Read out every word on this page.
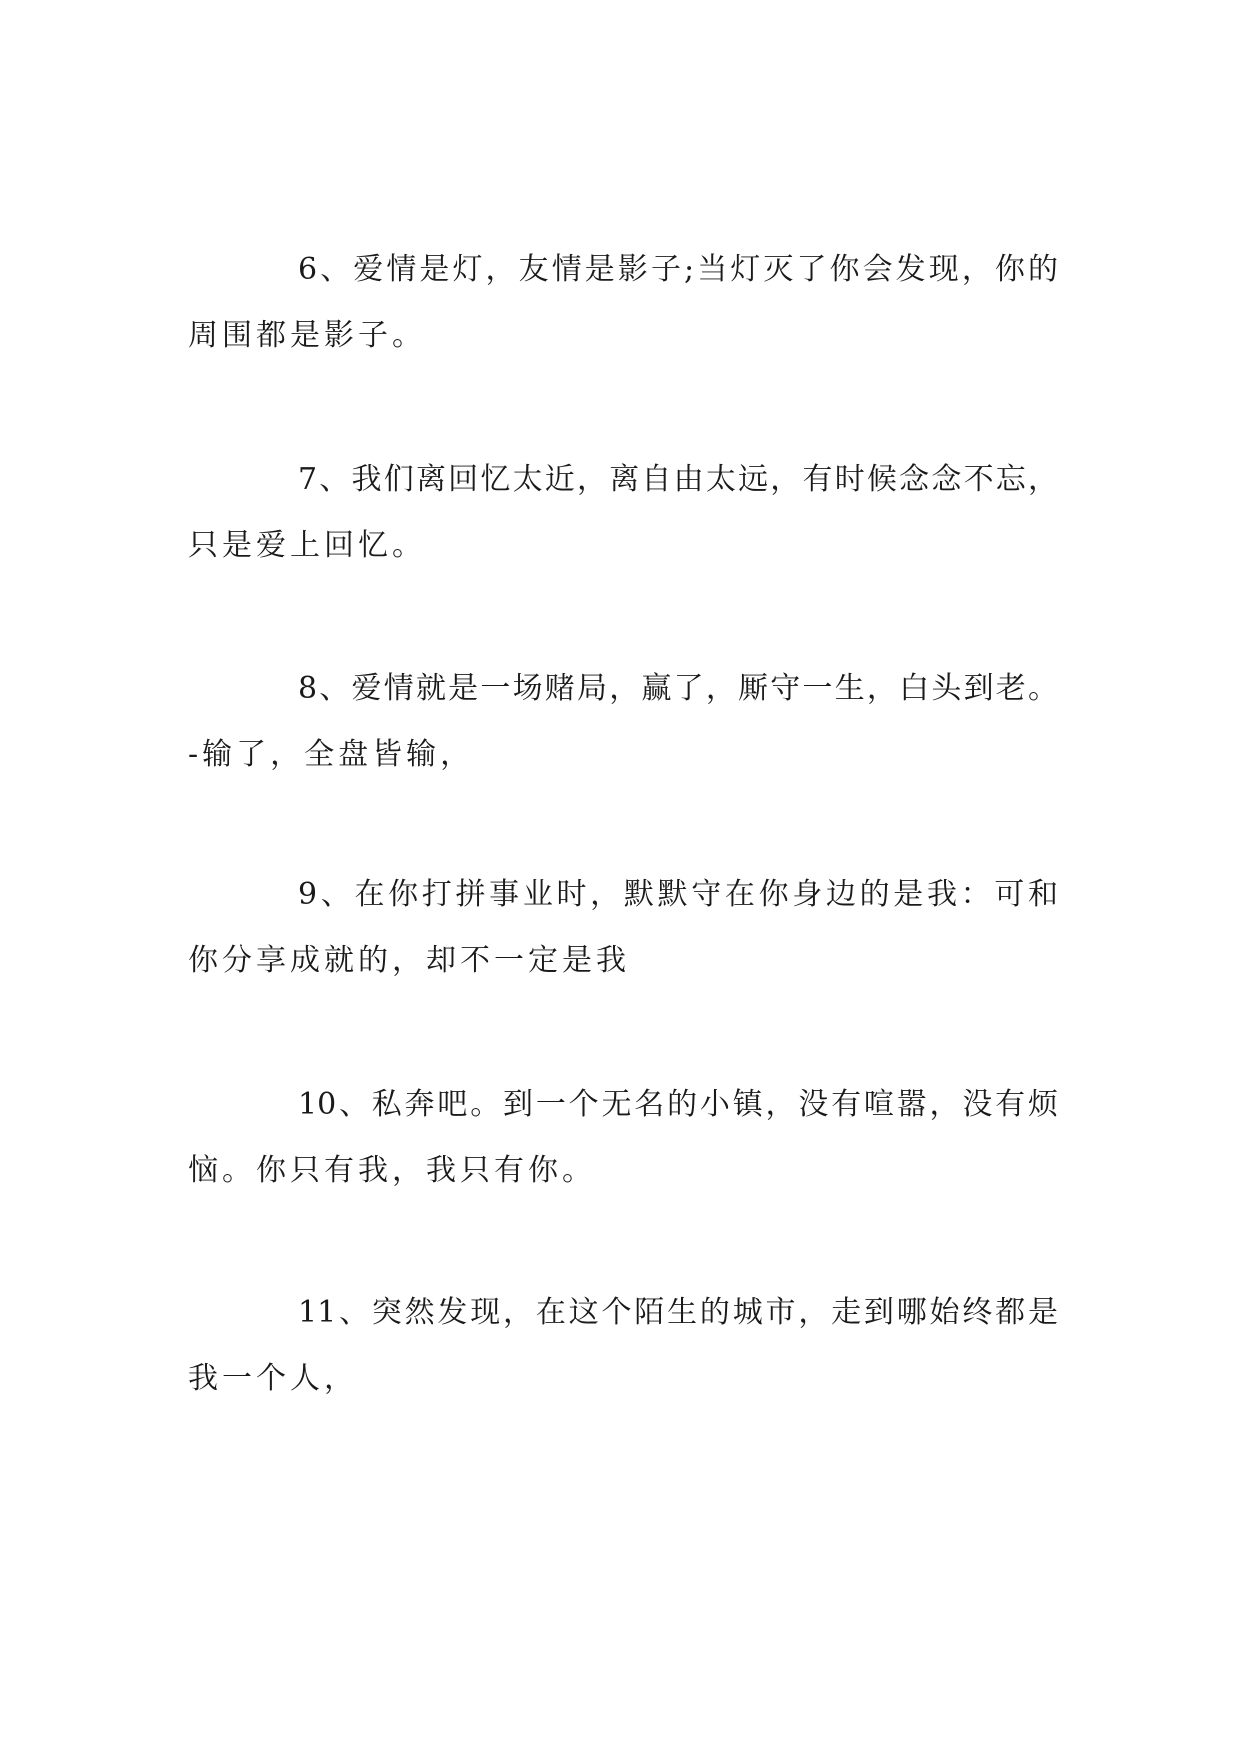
6、爱情是灯，友情是影子;当灯灭了你会发现，你的
周围都是影子。
7、我们离回忆太近，离自由太远，有时候念念不忘，
只是爱上回忆。
8、爱情就是一场赌局，赢了，厮守一生，白头到老。
-输了，全盘皆输，
9、在你打拼事业时，默默守在你身边的是我：可和
你分享成就的，却不一定是我
10、私奔吧。到一个无名的小镇，没有喧嚣，没有烦
恼。你只有我，我只有你。
11、突然发现，在这个陌生的城市，走到哪始终都是
我一个人，
